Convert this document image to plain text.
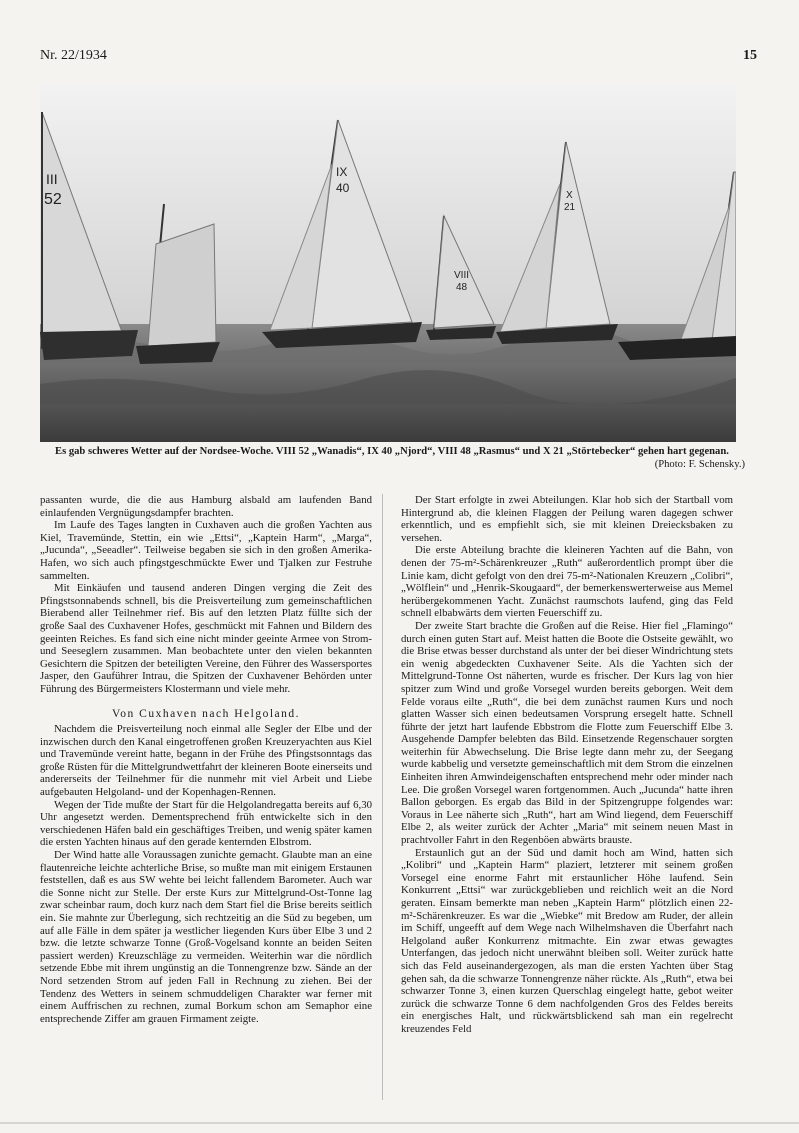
Nr. 22/1934	15
III
52
IX
40
VIII
48
X
21
Es gab schweres Wetter auf der Nordsee-Woche. VIII 52 „Wanadis“, IX 40 „Njord“, VIII 48 „Rasmus“ und X 21 „Störtebecker“ gehen hart gegenan.
(Photo: F. Schensky.)

passanten wurde, die die aus Hamburg alsbald am laufenden Band einlaufenden Vergnügungsdampfer brachten.

Im Laufe des Tages langten in Cuxhaven auch die großen Yachten aus Kiel, Travemünde, Stettin, ein wie „Ettsi“, „Kaptein Harm“, „Marga“, „Jucunda“, „Seeadler“. Teilweise begaben sie sich in den großen Amerika-Hafen, wo sich auch pfingstgeschmückte Ewer und Tjalken zur Festruhe sammelten.

Mit Einkäufen und tausend anderen Dingen verging die Zeit des Pfingstsonnabends schnell, bis die Preisverteilung zum gemeinschaftlichen Bierabend aller Teilnehmer rief. Bis auf den letzten Platz füllte sich der große Saal des Cuxhavener Hofes, geschmückt mit Fahnen und Bildern des geeinten Reiches. Es fand sich eine nicht minder geeinte Armee von Strom- und Seeseglern zusammen. Man beobachtete unter den vielen bekannten Gesichtern die Spitzen der beteiligten Vereine, den Führer des Wassersportes Jasper, den Gauführer Intrau, die Spitzen der Cuxhavener Behörden unter Führung des Bürgermeisters Klostermann und viele mehr.

Von Cuxhaven nach Helgoland.

Nachdem die Preisverteilung noch einmal alle Segler der Elbe und der inzwischen durch den Kanal eingetroffenen großen Kreuzeryachten aus Kiel und Travemünde vereint hatte, begann in der Frühe des Pfingstsonntags das große Rüsten für die Mittelgrundwettfahrt der kleineren Boote einerseits und andererseits der Teilnehmer für die nunmehr mit viel Arbeit und Liebe aufgebauten Helgoland- und der Kopenhagen-Rennen.

Wegen der Tide mußte der Start für die Helgolandregatta bereits auf 6,30 Uhr angesetzt werden. Dementsprechend früh entwickelte sich in den verschiedenen Häfen bald ein geschäftiges Treiben, und wenig später kamen die ersten Yachten hinaus auf den gerade kenternden Elbstrom.

Der Wind hatte alle Voraussagen zunichte gemacht. Glaubte man an eine flautenreiche leichte achterliche Brise, so mußte man mit einigem Erstaunen feststellen, daß es aus SW wehte bei leicht fallendem Barometer. Auch war die Sonne nicht zur Stelle. Der erste Kurs zur Mittelgrund-Ost-Tonne lag zwar scheinbar raum, doch kurz nach dem Start fiel die Brise bereits seitlich ein. Sie mahnte zur Überlegung, sich rechtzeitig an die Süd zu begeben, um auf alle Fälle in dem später ja westlicher liegenden Kurs über Elbe 3 und 2 bzw. die letzte schwarze Tonne (Groß-Vogelsand konnte an beiden Seiten passiert werden) Kreuzschläge zu vermeiden. Weiterhin war die nördlich setzende Ebbe mit ihrem ungünstig an die Tonnengrenze bzw. Sände an der Nord setzenden Strom auf jeden Fall in Rechnung zu ziehen. Bei der Tendenz des Wetters in seinem schmuddeligen Charakter war ferner mit einem Auffrischen zu rechnen, zumal Borkum schon am Semaphor eine entsprechende Ziffer am grauen Firmament zeigte.

Der Start erfolgte in zwei Abteilungen. Klar hob sich der Startball vom Hintergrund ab, die kleinen Flaggen der Peilung waren dagegen schwer erkenntlich, und es empfiehlt sich, sie mit kleinen Dreiecksbaken zu versehen.

Die erste Abteilung brachte die kleineren Yachten auf die Bahn, von denen der 75-m²-Schärenkreuzer „Ruth“ außerordentlich prompt über die Linie kam, dicht gefolgt von den drei 75-m²-Nationalen Kreuzern „Colibri“, „Wölflein“ und „Henrik-Skougaard“, der bemerkenswerterweise aus Memel herübergekommenen Yacht. Zunächst raumschots laufend, ging das Feld schnell elbabwärts dem vierten Feuerschiff zu.

Der zweite Start brachte die Großen auf die Reise. Hier fiel „Flamingo“ durch einen guten Start auf. Meist hatten die Boote die Ostseite gewählt, wo die Brise etwas besser durchstand als unter der bei dieser Windrichtung stets ein wenig abgedeckten Cuxhavener Seite. Als die Yachten sich der Mittelgrund-Tonne Ost näherten, wurde es frischer. Der Kurs lag von hier spitzer zum Wind und große Vorsegel wurden bereits geborgen. Weit dem Felde voraus eilte „Ruth“, die bei dem zunächst raumen Kurs und noch glatten Wasser sich einen bedeutsamen Vorsprung ersegelt hatte. Schnell führte der jetzt hart laufende Ebbstrom die Flotte zum Feuerschiff Elbe 3. Ausgehende Dampfer belebten das Bild. Einsetzende Regenschauer sorgten weiterhin für Abwechselung. Die Brise legte dann mehr zu, der Seegang wurde kabbelig und versetzte gemeinschaftlich mit dem Strom die einzelnen Einheiten ihren Amwindeigenschaften entsprechend mehr oder minder nach Lee. Die großen Vorsegel waren fortgenommen. Auch „Jucunda“ hatte ihren Ballon geborgen. Es ergab das Bild in der Spitzengruppe folgendes war: Voraus in Lee näherte sich „Ruth“, hart am Wind liegend, dem Feuerschiff Elbe 2, als weiter zurück der Achter „Maria“ mit seinem neuen Mast in prachtvoller Fahrt in den Regenböen abwärts brauste.

Erstaunlich gut an der Süd und damit hoch am Wind, hatten sich „Kolibri“ und „Kaptein Harm“ plaziert, letzterer mit seinem großen Vorsegel eine enorme Fahrt mit erstaunlicher Höhe laufend. Sein Konkurrent „Ettsi“ war zurückgeblieben und reichlich weit an die Nord geraten. Einsam bemerkte man neben „Kaptein Harm“ plötzlich einen 22-m²-Schärenkreuzer. Es war die „Wiebke“ mit Bredow am Ruder, der allein im Schiff, ungeefft auf dem Wege nach Wilhelmshaven die Überfahrt nach Helgoland außer Konkurrenz mitmachte. Ein zwar etwas gewagtes Unterfangen, das jedoch nicht unerwähnt bleiben soll. Weiter zurück hatte sich das Feld auseinandergezogen, als man die ersten Yachten über Stag gehen sah, da die schwarze Tonnengrenze näher rückte. Als „Ruth“, etwa bei schwarzer Tonne 3, einen kurzen Querschlag eingelegt hatte, gebot weiter zurück die schwarze Tonne 6 dem nachfolgenden Gros des Feldes bereits ein energisches Halt, und rückwärtsblickend sah man ein regelrecht kreuzendes Feld
